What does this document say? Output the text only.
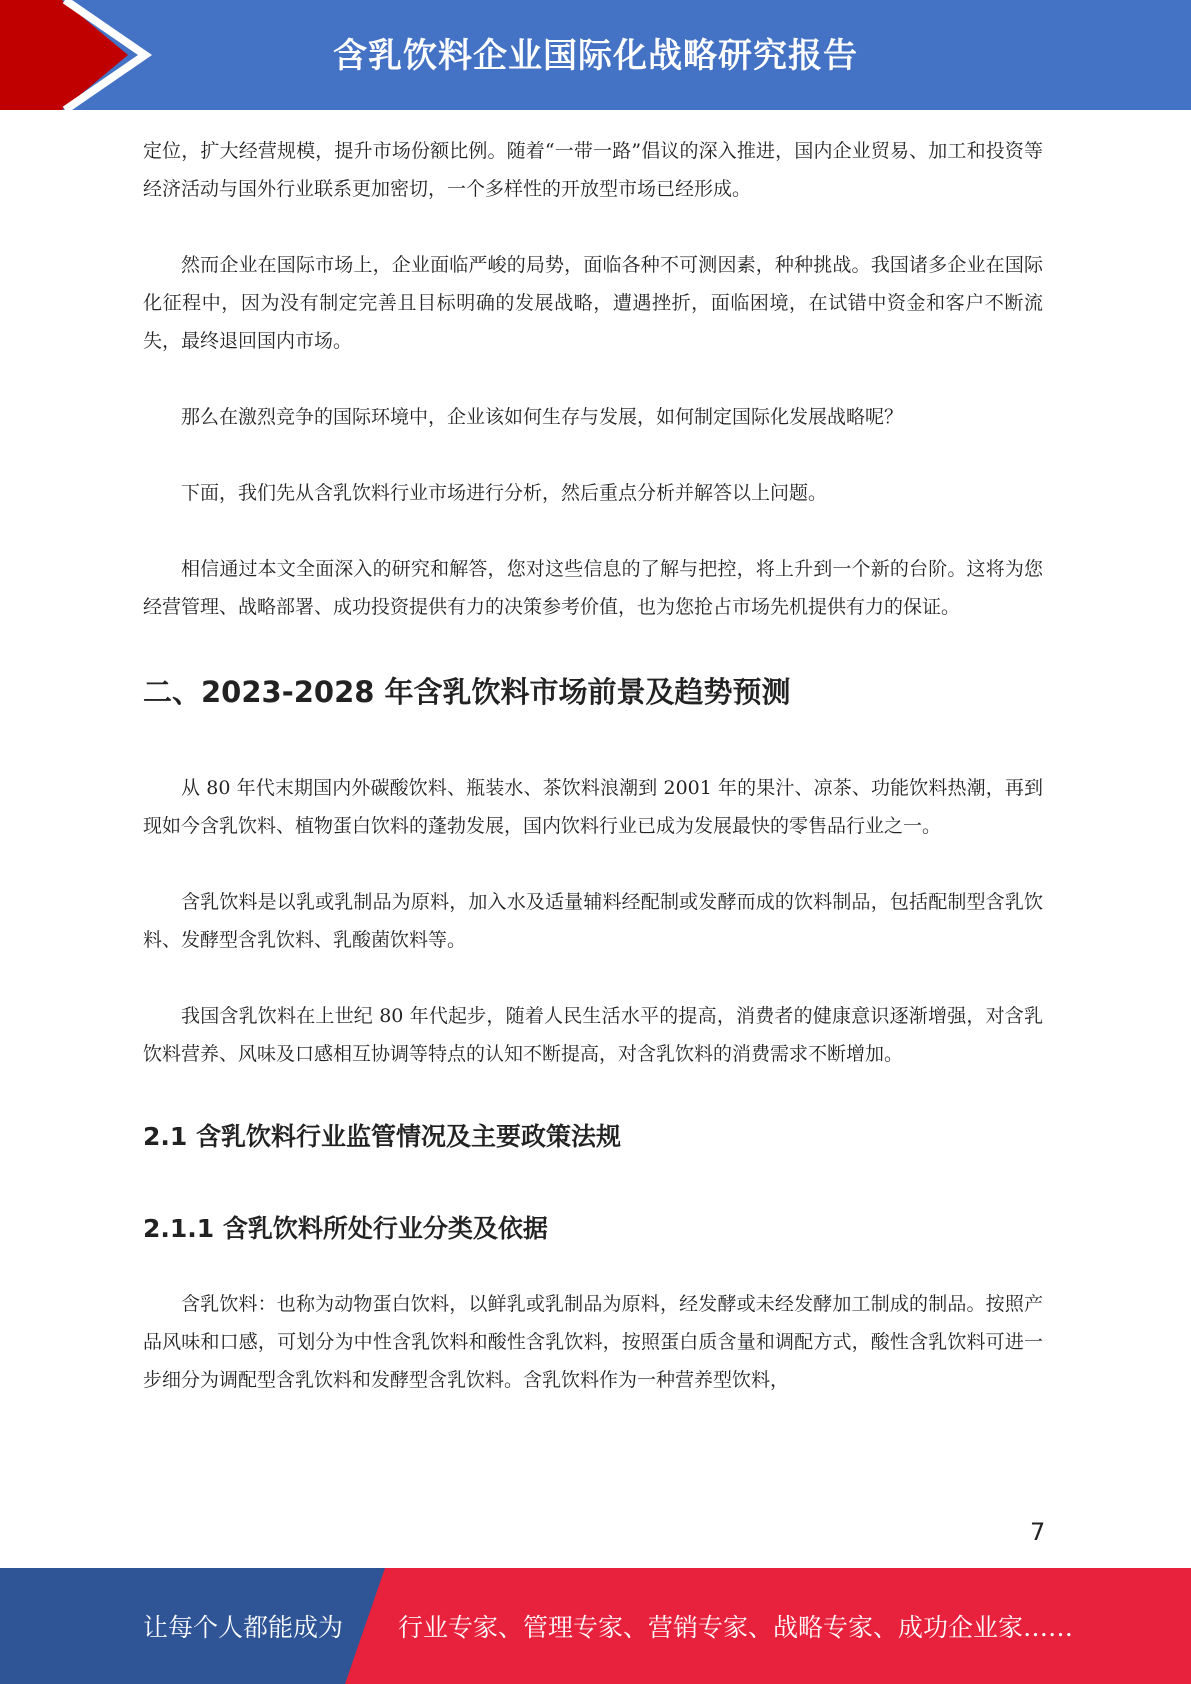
含乳饮料企业国际化战略研究报告

定位，扩大经营规模，提升市场份额比例。随着“一带一路”倡议的深入推进，国内企业贸易、加工和投资等经济活动与国外行业联系更加密切，一个多样性的开放型市场已经形成。

然而企业在国际市场上，企业面临严峻的局势，面临各种不可测因素，种种挑战。我国诸多企业在国际化征程中，因为没有制定完善且目标明确的发展战略，遭遇挫折，面临困境，在试错中资金和客户不断流失，最终退回国内市场。

那么在激烈竞争的国际环境中，企业该如何生存与发展，如何制定国际化发展战略呢？

下面，我们先从含乳饮料行业市场进行分析，然后重点分析并解答以上问题。

相信通过本文全面深入的研究和解答，您对这些信息的了解与把控，将上升到一个新的台阶。这将为您经营管理、战略部署、成功投资提供有力的决策参考价值，也为您抢占市场先机提供有力的保证。

二、2023-2028 年含乳饮料市场前景及趋势预测

从 80 年代末期国内外碳酸饮料、瓶装水、茶饮料浪潮到 2001 年的果汁、凉茶、功能饮料热潮，再到现如今含乳饮料、植物蛋白饮料的蓬勃发展，国内饮料行业已成为发展最快的零售品行业之一。

含乳饮料是以乳或乳制品为原料，加入水及适量辅料经配制或发酵而成的饮料制品，包括配制型含乳饮料、发酵型含乳饮料、乳酸菌饮料等。

我国含乳饮料在上世纪 80 年代起步，随着人民生活水平的提高，消费者的健康意识逐渐增强，对含乳饮料营养、风味及口感相互协调等特点的认知不断提高，对含乳饮料的消费需求不断增加。

2.1 含乳饮料行业监管情况及主要政策法规
2.1.1 含乳饮料所处行业分类及依据

含乳饮料：也称为动物蛋白饮料，以鲜乳或乳制品为原料，经发酵或未经发酵加工制成的制品。按照产品风味和口感，可划分为中性含乳饮料和酸性含乳饮料，按照蛋白质含量和调配方式，酸性含乳饮料可进一步细分为调配型含乳饮料和发酵型含乳饮料。含乳饮料作为一种营养型饮料，

7
让每个人都能成为 行业专家、管理专家、营销专家、战略专家、成功企业家……
